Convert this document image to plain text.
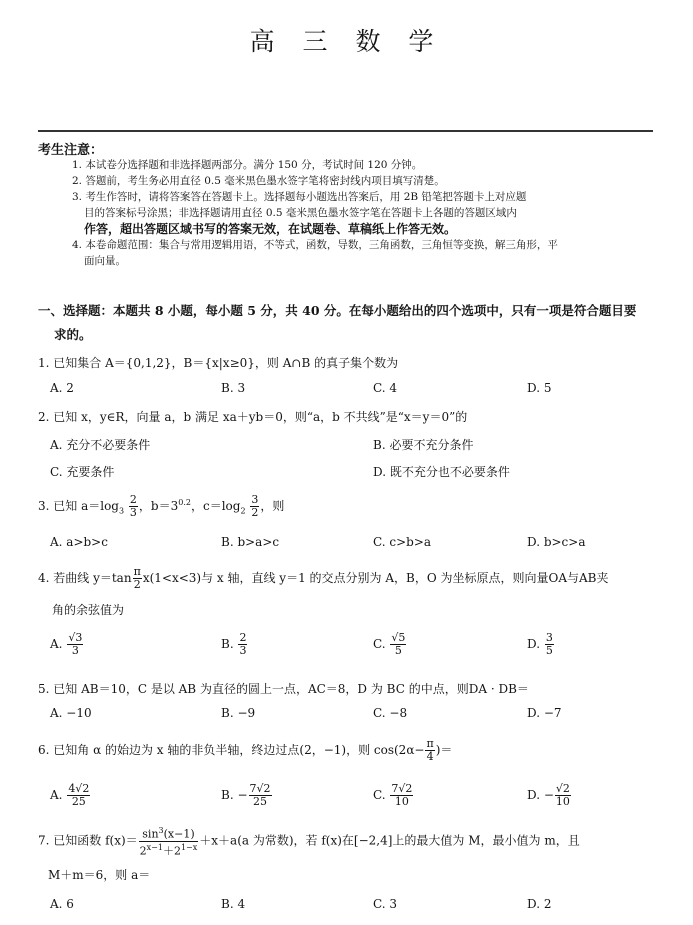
高 三 数 学
考生注意：

1. 本试卷分选择题和非选择题两部分。满分 150 分，考试时间 120 分钟。

2. 答题前，考生务必用直径 0.5 毫米黑色墨水签字笔将密封线内项目填写清楚。

3. 考生作答时，请将答案答在答题卡上。选择题每小题选出答案后，用 2B 铅笔把答题卡上对应题

目的答案标号涂黑；非选择题请用直径 0.5 毫米黑色墨水签字笔在答题卡上各题的答题区域内

作答，超出答题区域书写的答案无效，在试题卷、草稿纸上作答无效。

4. 本卷命题范围：集合与常用逻辑用语，不等式，函数，导数，三角函数，三角恒等变换，解三角形，平

面向量。

一、选择题：本题共 8 小题，每小题 5 分，共 40 分。在每小题给出的四个选项中，只有一项是符合题目要
求的。
1. 已知集合 A＝{0,1,2}，B＝{x|x≥0}，则 A∩B 的真子集个数为
A. 2	B. 3	C. 4	D. 5
2. 已知 x，y∈R，向量 a，b 满足 xa＋yb＝0，则“a，b 不共线”是“x＝y＝0”的
A. 充分不必要条件	B. 必要不充分条件
C. 充要条件	D. 既不充分也不必要条件
3. 已知 $a=\log_3 \frac{2}{3}$ ，$b=3^{0.2}$，$c=\log_2 \frac{3}{2}$ ，则
A. a>b>c	B. b>a>c	C. c>b>a	D. b>c>a
4. 若曲线 $y=\tan \frac{\pi}{2} x(1<x<3)$与 x 轴，直线 y＝1 的交点分别为 A，B，O 为坐标原点，则向量OA与AB夹
角的余弦值为
A. $\frac{√3}{3}$	B. $\frac{2}{3}$	C. $\frac{√5}{5}$	D. $\frac{3}{5}$
5. 已知 AB＝10，C 是以 AB 为直径的圆上一点，AC＝8，D 为 BC 的中点，则DA · DB＝
A. −10	B. −9	C. −8	D. −7
6. 已知角 α 的始边为 x 轴的非负半轴，终边过点(2，−1)，则 $\cos(2\alpha- \frac{\pi}{4}$ )＝
A. $\frac{4√2}{25}$	B. − $\frac{7√2}{25}$	C. $\frac{7√2}{10}$	D. − $\frac{√2}{10}$
7. 已知函数 $f(x)= \frac{\sin^3(x-1)}{2^{x-1}+2^{1-x}} +x+a(a$ 为常数)，若 f(x)在[−2,4]上的最大值为 M，最小值为 m，且
M＋m＝6，则 a＝
A. 6	B. 4	C. 3	D. 2
